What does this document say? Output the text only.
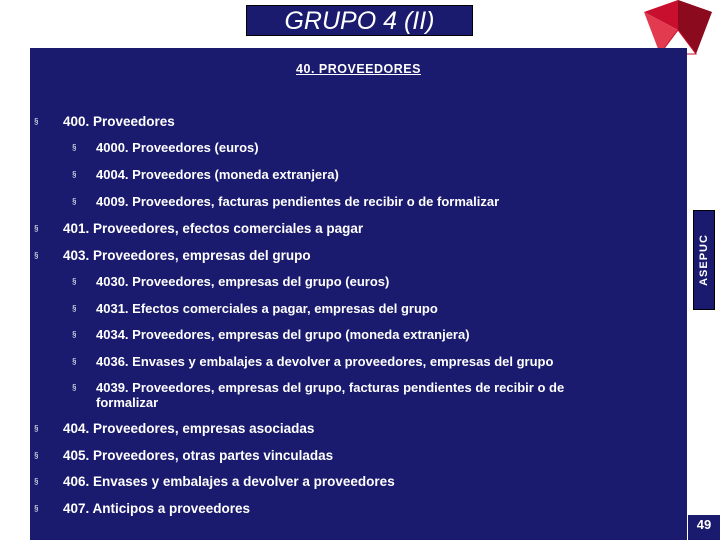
GRUPO 4 (II)
40. PROVEEDORES
§ 400. Proveedores
§ 4000. Proveedores (euros)
§ 4004. Proveedores (moneda extranjera)
§ 4009. Proveedores, facturas pendientes de recibir o de formalizar
§ 401. Proveedores, efectos comerciales a pagar
§ 403. Proveedores, empresas del grupo
§ 4030. Proveedores, empresas del grupo (euros)
§ 4031. Efectos comerciales a pagar, empresas del grupo
§ 4034. Proveedores, empresas del grupo (moneda extranjera)
§ 4036. Envases y embalajes a devolver a proveedores, empresas del grupo
§ 4039. Proveedores, empresas del grupo, facturas pendientes de recibir o de
formalizar
§ 404. Proveedores, empresas asociadas
§ 405. Proveedores, otras partes vinculadas
§ 406. Envases y embalajes a devolver a proveedores
§ 407. Anticipos a proveedores
ASEPUC
49
